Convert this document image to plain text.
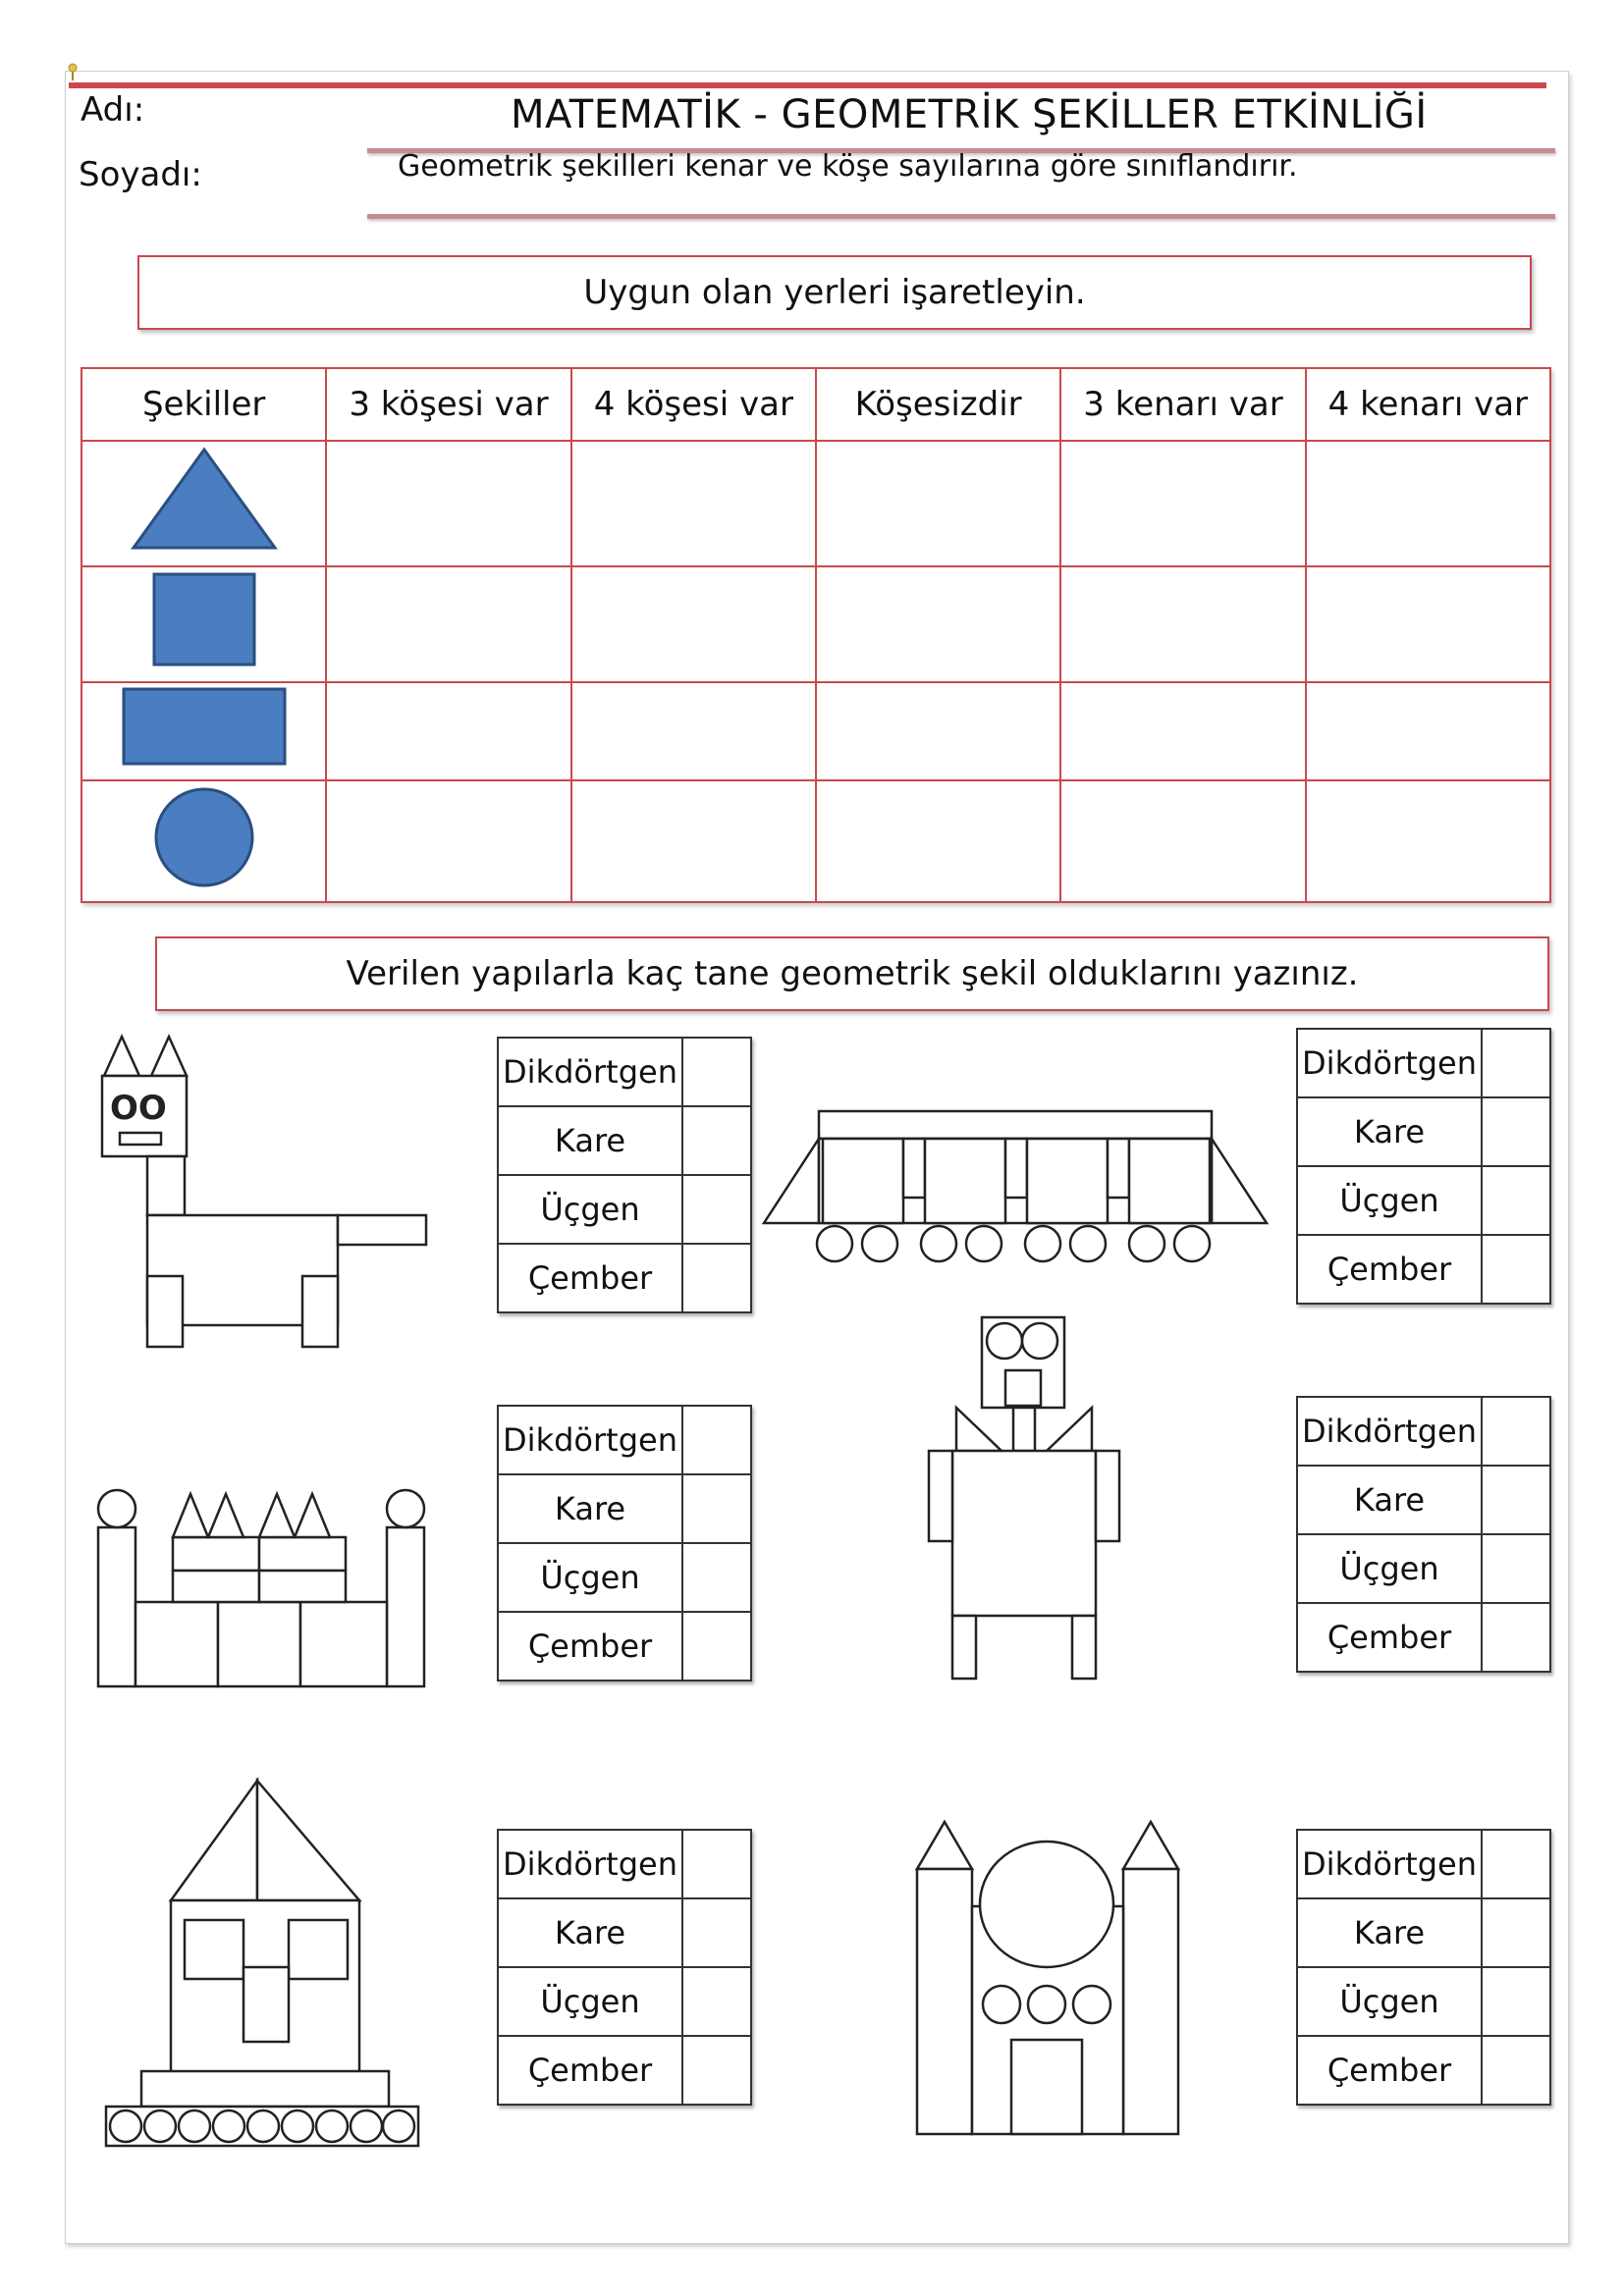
Adı:
Soyadı:
MATEMATİK - GEOMETRİK ŞEKİLLER ETKİNLİĞİ
Geometrik şekilleri kenar ve köşe sayılarına göre sınıflandırır.
Uygun olan yerleri işaretleyin.
Şekiller	3 köşesi var	4 köşesi var	Köşesizdir	3 kenarı var	4 kenarı var

Verilen yapılarla kaç tane geometrik şekil olduklarını yazınız.
Dikdörtgen	
Kare	
Üçgen	
Çember	
Dikdörtgen	
Kare	
Üçgen	
Çember	
Dikdörtgen	
Kare	
Üçgen	
Çember	
Dikdörtgen	
Kare	
Üçgen	
Çember	
Dikdörtgen	
Kare	
Üçgen	
Çember	
Dikdörtgen	
Kare	
Üçgen	
Çember	
OO
